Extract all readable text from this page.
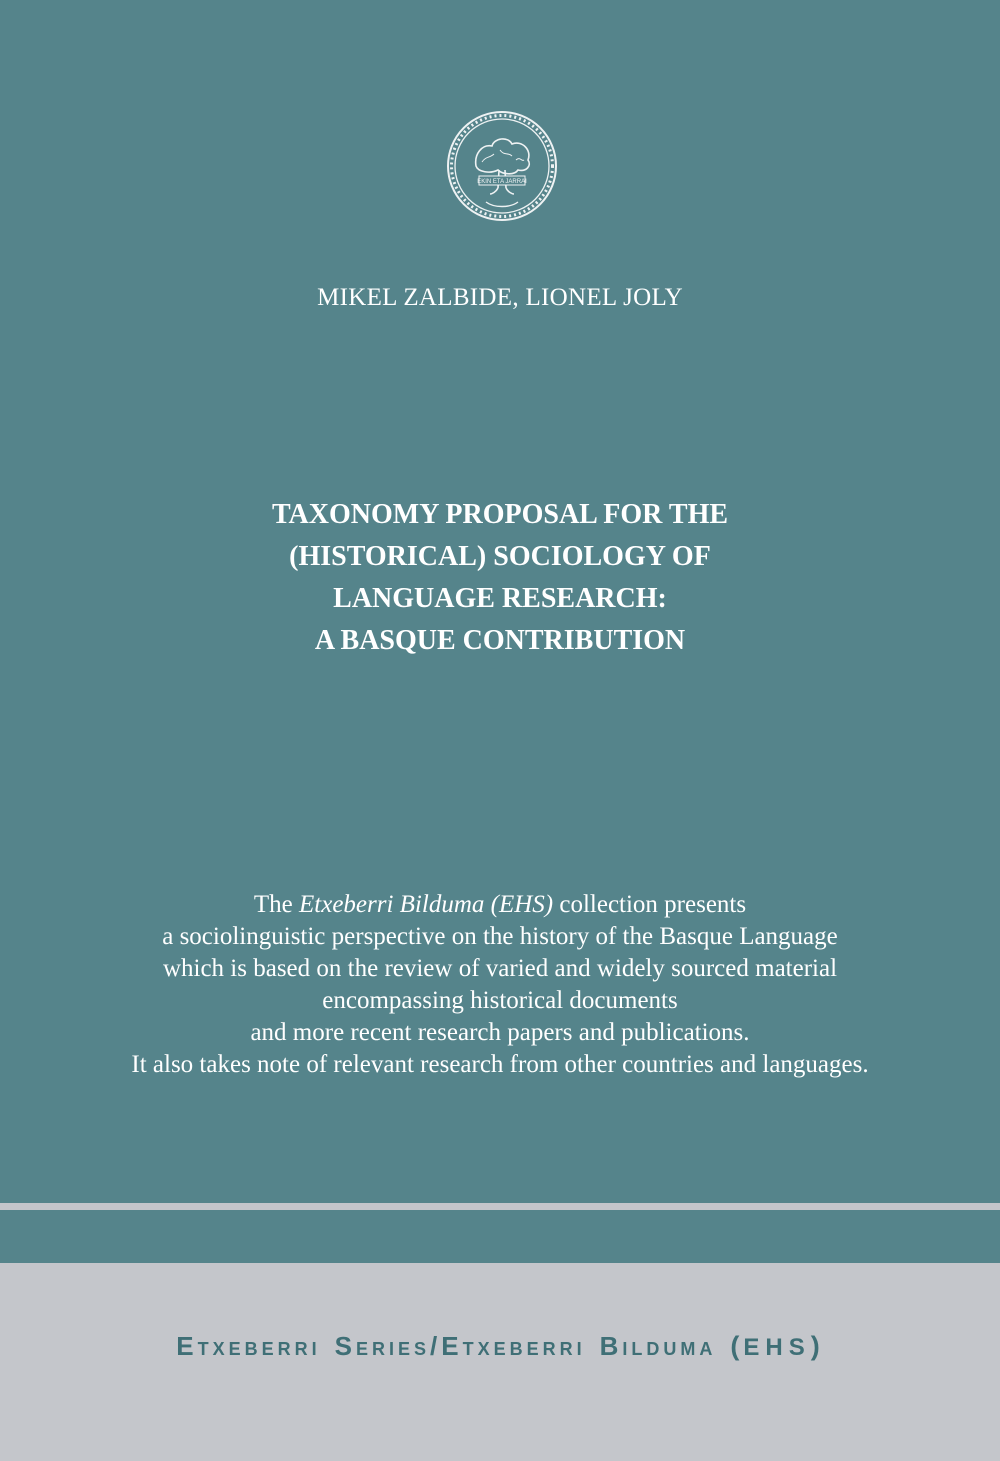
EKIN ETA JARRAI
MIKEL ZALBIDE, LIONEL JOLY
TAXONOMY PROPOSAL FOR THE
(HISTORICAL) SOCIOLOGY OF
LANGUAGE RESEARCH:
A BASQUE CONTRIBUTION
The Etxeberri Bilduma (EHS) collection presents
a sociolinguistic perspective on the history of the Basque Language
which is based on the review of varied and widely sourced material
encompassing historical documents
and more recent research papers and publications.
It also takes note of relevant research from other countries and languages.
ETXEBERRI SERIES/ETXEBERRI BILDUMA (EHS)
